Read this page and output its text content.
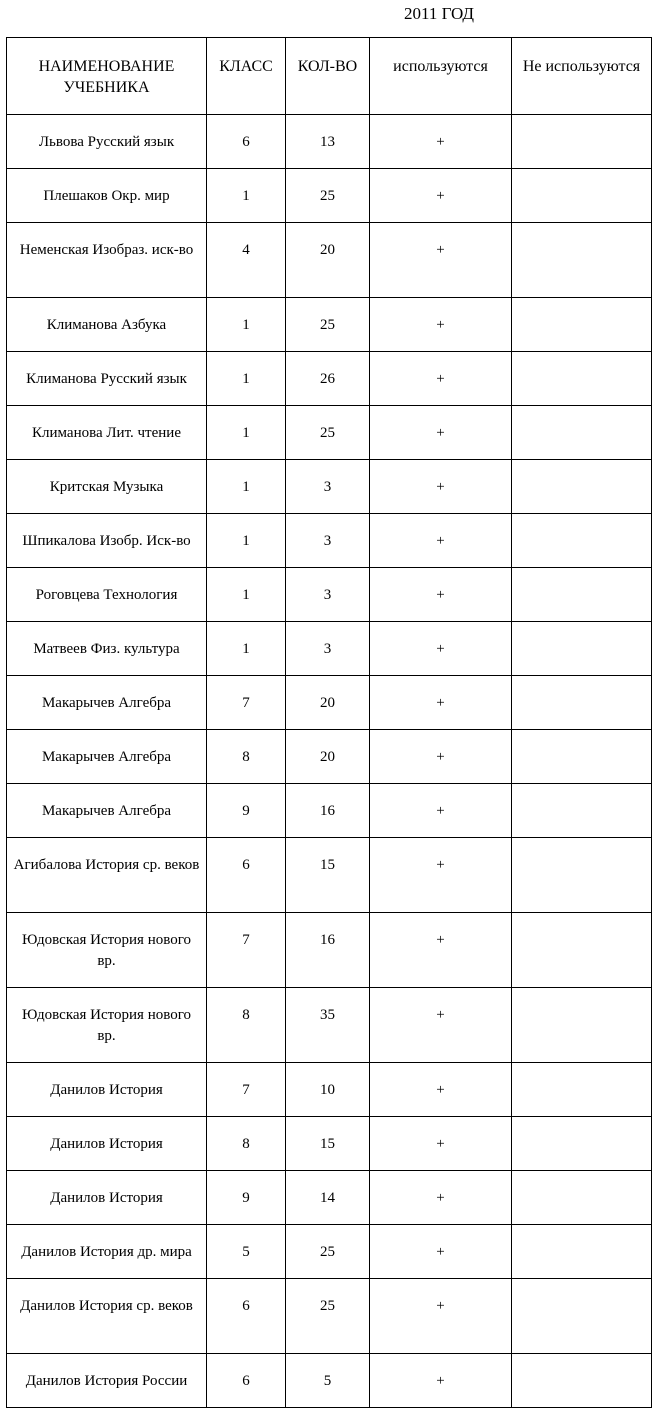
2011 ГОД
НАИМЕНОВАНИЕ УЧЕБНИКА	КЛАСС	КОЛ-ВО	используются	Не используются
Львова Русский язык	6	13	+	
Плешаков Окр. мир	1	25	+	
Неменская Изобраз. иск-во	4	20	+	
Климанова Азбука	1	25	+	
Климанова Русский язык	1	26	+	
Климанова Лит. чтение	1	25	+	
Критская Музыка	1	3	+	
Шпикалова Изобр. Иск-во	1	3	+	
Роговцева Технология	1	3	+	
Матвеев Физ. культура	1	3	+	
Макарычев Алгебра	7	20	+	
Макарычев Алгебра	8	20	+	
Макарычев Алгебра	9	16	+	
Агибалова История ср. веков	6	15	+	
Юдовская История нового вр.	7	16	+	
Юдовская История нового вр.	8	35	+	
Данилов История	7	10	+	
Данилов История	8	15	+	
Данилов История	9	14	+	
Данилов История др. мира	5	25	+	
Данилов История ср. веков	6	25	+	
Данилов История России	6	5	+	
